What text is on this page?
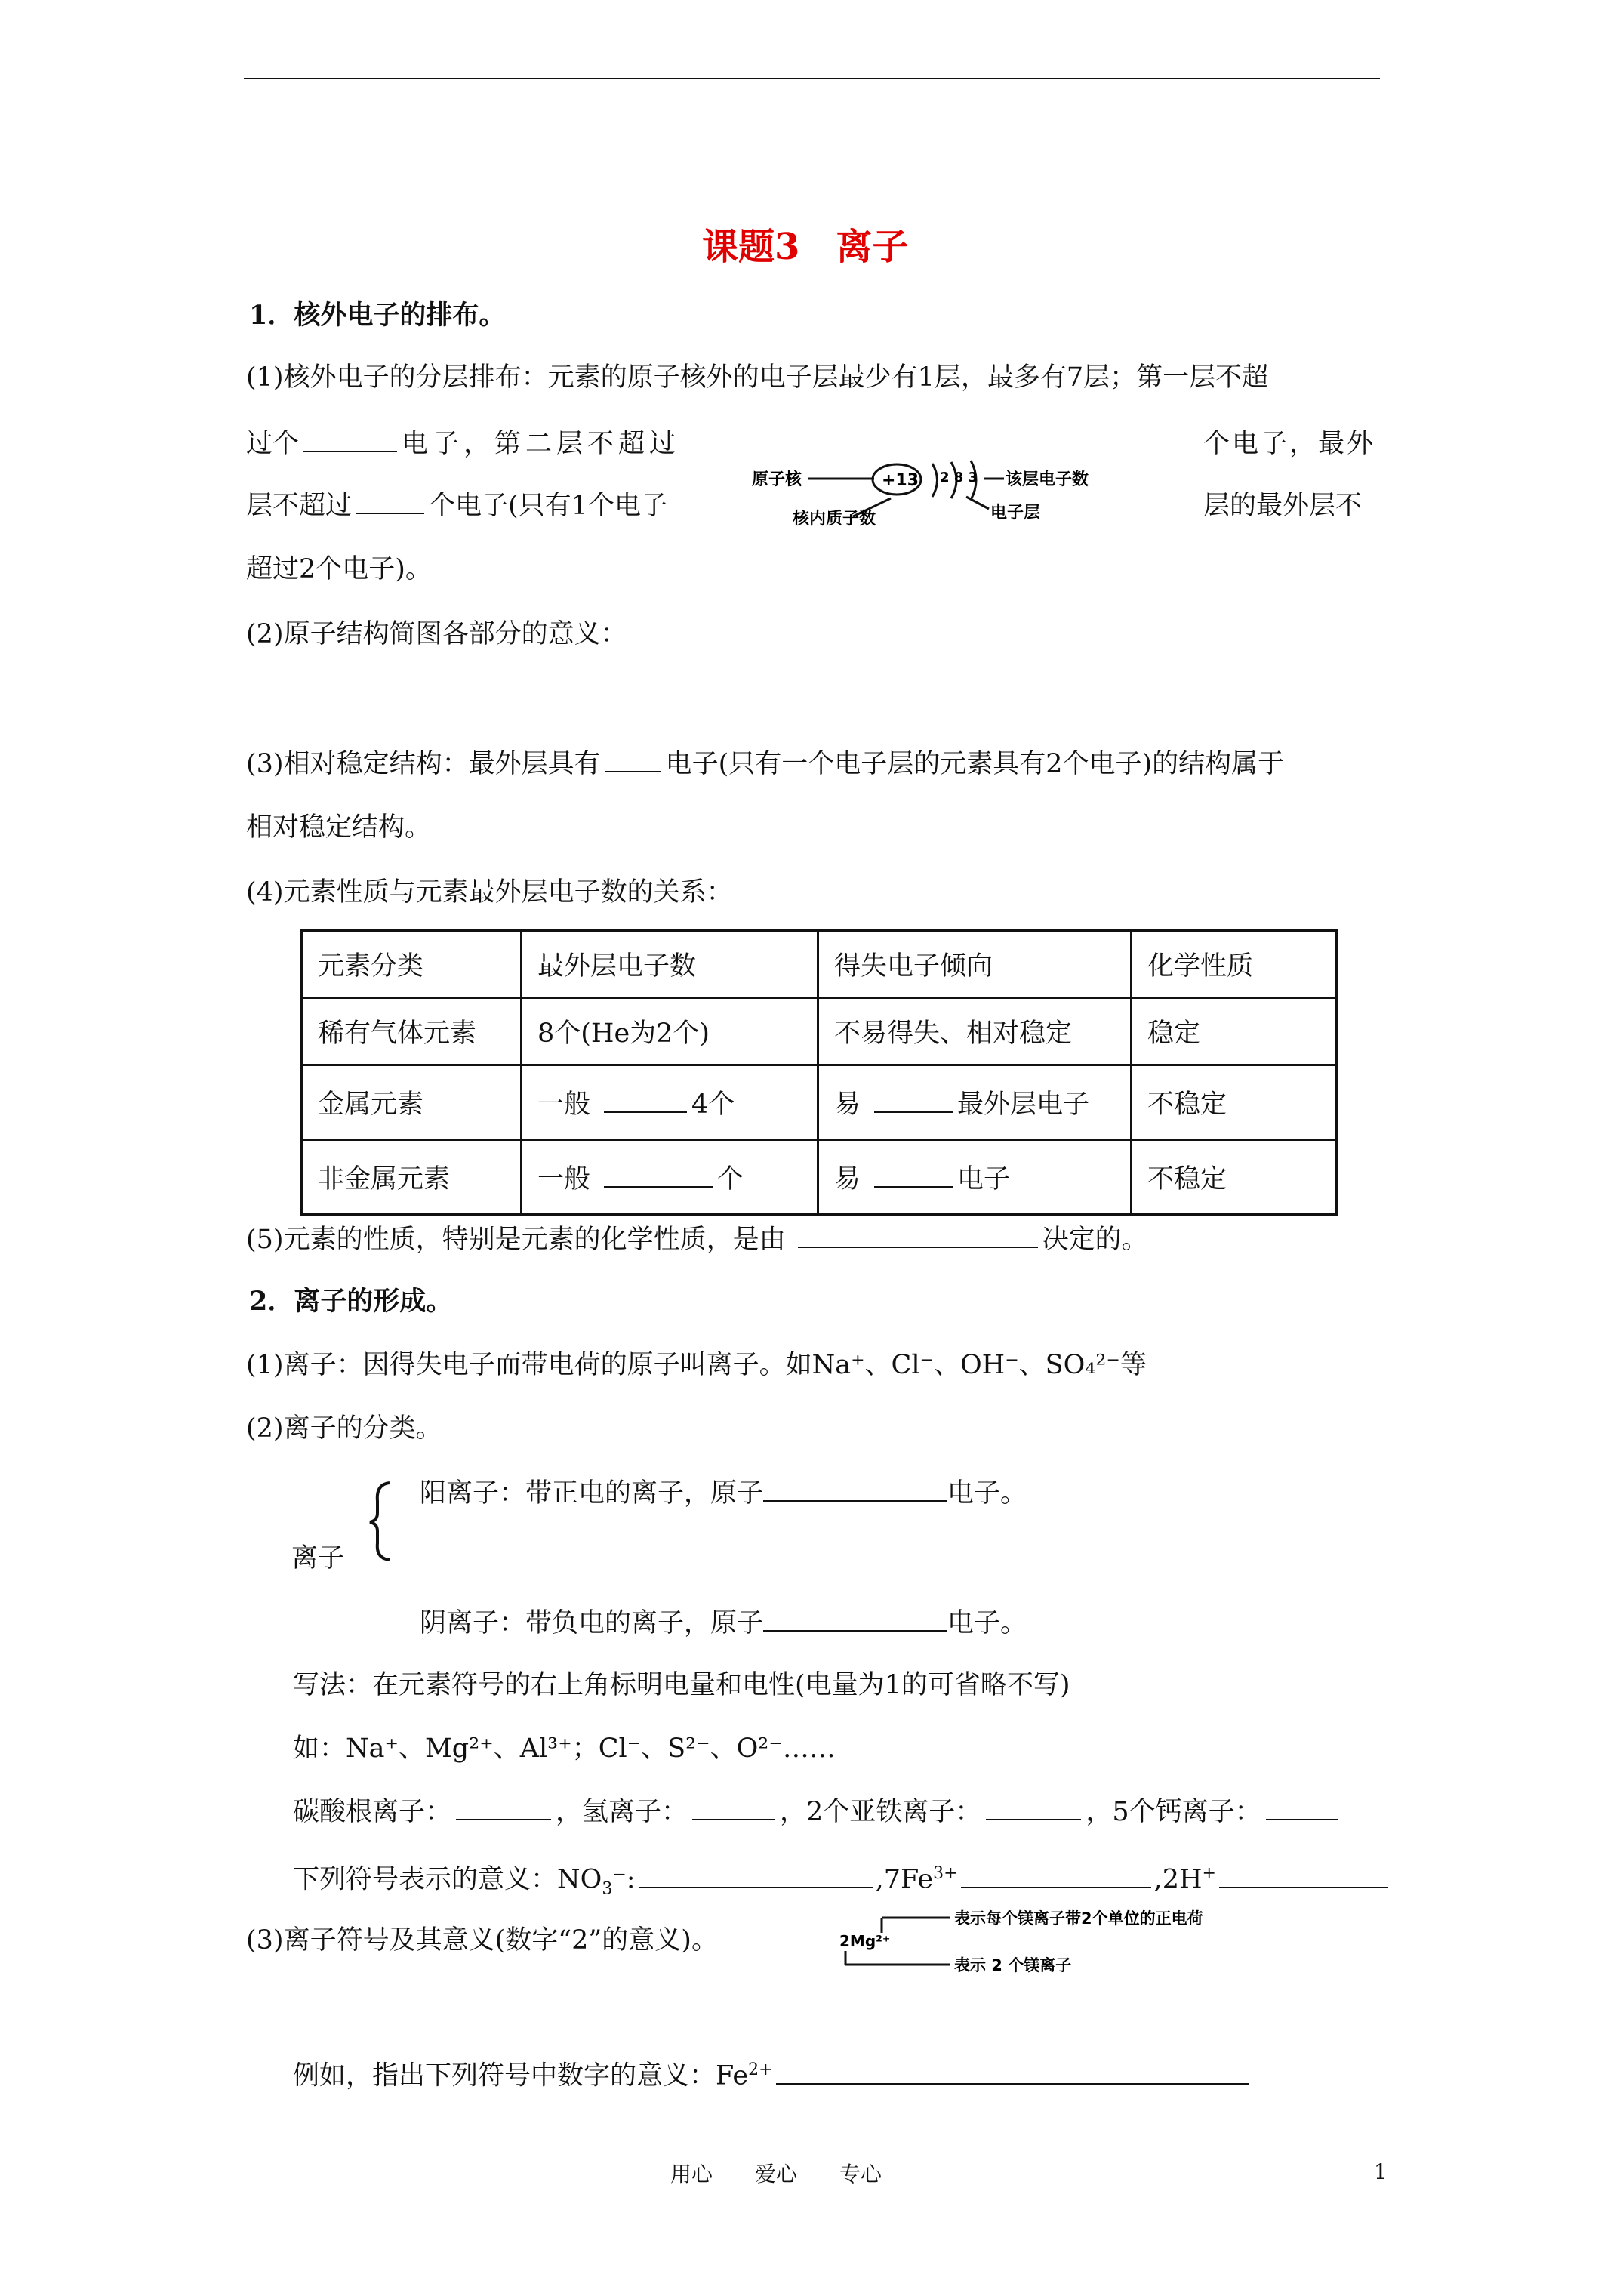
课题3　离子
1．核外电子的排布。
(1)核外电子的分层排布：元素的原子核外的电子层最少有1层，最多有7层；第一层不超
过个	电子，第二层不超过	个电子，最外
层不超过	个电子(只有1个电子	层的最外层不
超过2个电子)。
原子核	+13 2 8 3 该层电子数
核内质子数	电子层
(2)原子结构简图各部分的意义：
(3)相对稳定结构：最外层具有 电子(只有一个电子层的元素具有2个电子)的结构属于
相对稳定结构。
(4)元素性质与元素最外层电子数的关系：
元素分类	最外层电子数	得失电子倾向	化学性质
稀有气体元素	8个(He为2个)	不易得失、相对稳定	稳定
金属元素	一般 4个	易 最外层电子	不稳定
非金属元素	一般 个	易 电子	不稳定
(5)元素的性质，特别是元素的化学性质，是由	决定的。
2．离子的形成。
(1)离子：因得失电子而带电荷的原子叫离子。如Na⁺、Cl⁻、OH⁻、SO₄²⁻等
(2)离子的分类。
阳离子：带正电的离子，原子	电子。
离子
阴离子：带负电的离子，原子	电子。
写法：在元素符号的右上角标明电量和电性(电量为1的可省略不写)
如：Na⁺、Mg²⁺、Al³⁺；Cl⁻、S²⁻、O²⁻……
碳酸根离子：	，氢离子：	，2个亚铁离子：	，5个钙离子：
下列符号表示的意义：$NO_3^-$:	$,7Fe^{3+}$	,2H+
(3)离子符号及其意义(数字“2”的意义)。
表示每个镁离子带2个单位的正电荷
2Mg²⁺
表示 2 个镁离子
例如，指出下列符号中数字的意义：$Fe^{2+}$
用心　　爱心　　专心	1
